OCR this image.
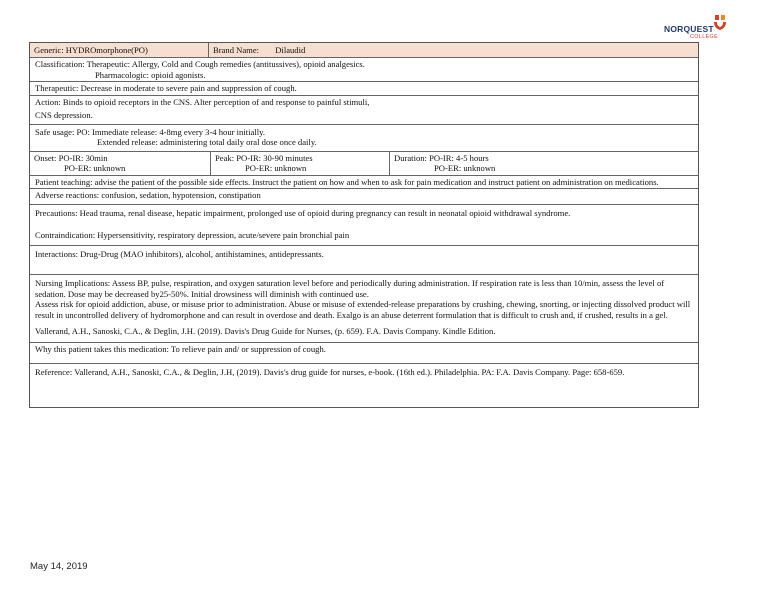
NORQUEST
COLLEGE
Generic: HYDROmorphone(PO)	Brand Name: Dilaudid
Classification: Therapeutic: Allergy, Cold and Cough remedies (antitussives), opioid analgesics.
Pharmacologic: opioid agonists.
Therapeutic: Decrease in moderate to severe pain and suppression of cough.
Action: Binds to opioid receptors in the CNS. Alter perception of and response to painful stimuli,
CNS depression.
Safe usage: PO: Immediate release: 4-8mg every 3-4 hour initially.
Extended release: administering total daily oral dose once daily.
Onset: PO-IR: 30min
PO-ER: unknown
Peak: PO-IR: 30-90 minutes
PO-ER: unknown
Duration: PO-IR: 4-5 hours
PO-ER: unknown
Patient teaching: advise the patient of the possible side effects. Instruct the patient on how and when to ask for pain medication and instruct patient on administration on medications.
Adverse reactions: confusion, sedation, hypotension, constipation
Precautions: Head trauma, renal disease, hepatic impairment, prolonged use of opioid during pregnancy can result in neonatal opioid withdrawal syndrome.
Contraindication: Hypersensitivity, respiratory depression, acute/severe pain bronchial pain
Interactions: Drug-Drug (MAO inhibitors), alcohol, antihistamines, antidepressants.
Nursing Implications: Assess BP, pulse, respiration, and oxygen saturation level before and periodically during administration. If respiration rate is less than 10/min, assess the level of sedation. Dose may be decreased by25-50%. Initial drowsiness will diminish with continued use.
Assess risk for opioid addiction, abuse, or misuse prior to administration. Abuse or misuse of extended-release preparations by crushing, chewing, snorting, or injecting dissolved product will result in uncontrolled delivery of hydromorphone and can result in overdose and death. Exalgo is an abuse deterrent formulation that is difficult to crush and, if crushed, results in a gel.
Vallerand, A.H., Sanoski, C.A., & Deglin, J.H. (2019). Davis's Drug Guide for Nurses, (p. 659). F.A. Davis Company. Kindle Edition.
Why this patient takes this medication: To relieve pain and/ or suppression of cough.
Reference: Vallerand, A.H., Sanoski, C.A., & Deglin, J.H, (2019). Davis's drug guide for nurses, e-book. (16th ed.). Philadelphia. PA: F.A. Davis Company. Page: 658-659.
May 14, 2019
